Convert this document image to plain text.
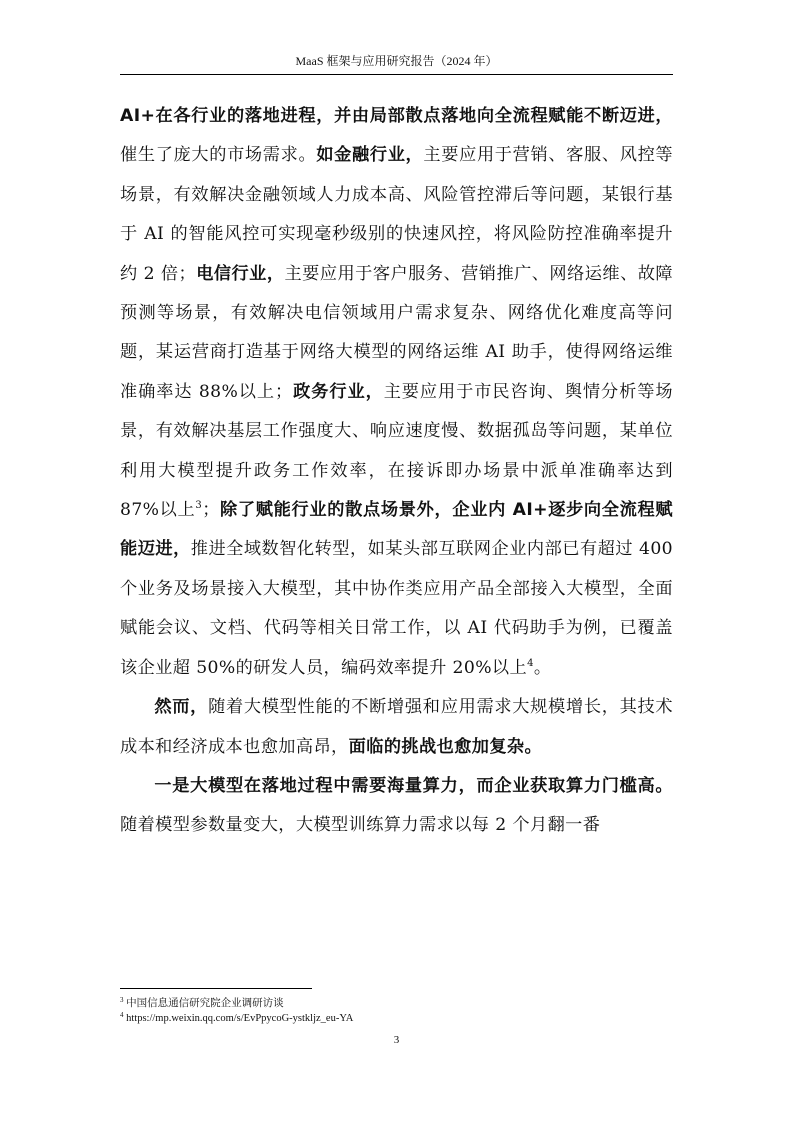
MaaS 框架与应用研究报告（2024 年）

AI+在各行业的落地进程，并由局部散点落地向全流程赋能不断迈进，催生了庞大的市场需求。如金融行业，主要应用于营销、客服、风控等场景，有效解决金融领域人力成本高、风险管控滞后等问题，某银行基于 AI 的智能风控可实现毫秒级别的快速风控，将风险防控准确率提升约 2 倍；电信行业，主要应用于客户服务、营销推广、网络运维、故障预测等场景，有效解决电信领域用户需求复杂、网络优化难度高等问题，某运营商打造基于网络大模型的网络运维 AI 助手，使得网络运维准确率达 88%以上；政务行业，主要应用于市民咨询、舆情分析等场景，有效解决基层工作强度大、响应速度慢、数据孤岛等问题，某单位利用大模型提升政务工作效率，在接诉即办场景中派单准确率达到 87%以上$^3$；除了赋能行业的散点场景外，企业内 AI+逐步向全流程赋能迈进，推进全域数智化转型，如某头部互联网企业内部已有超过 400 个业务及场景接入大模型，其中协作类应用产品全部接入大模型，全面赋能会议、文档、代码等相关日常工作，以 AI 代码助手为例，已覆盖该企业超 50%的研发人员，编码效率提升 20%以上$^4$。

然而，随着大模型性能的不断增强和应用需求大规模增长，其技术成本和经济成本也愈加高昂，面临的挑战也愈加复杂。

一是大模型在落地过程中需要海量算力，而企业获取算力门槛高。随着模型参数量变大，大模型训练算力需求以每 2 个月翻一番

$^3$ 中国信息通信研究院企业调研访谈
$^4$ https://mp.weixin.qq.com/s/EvPpycoG-ystkljz_eu-YA
3
